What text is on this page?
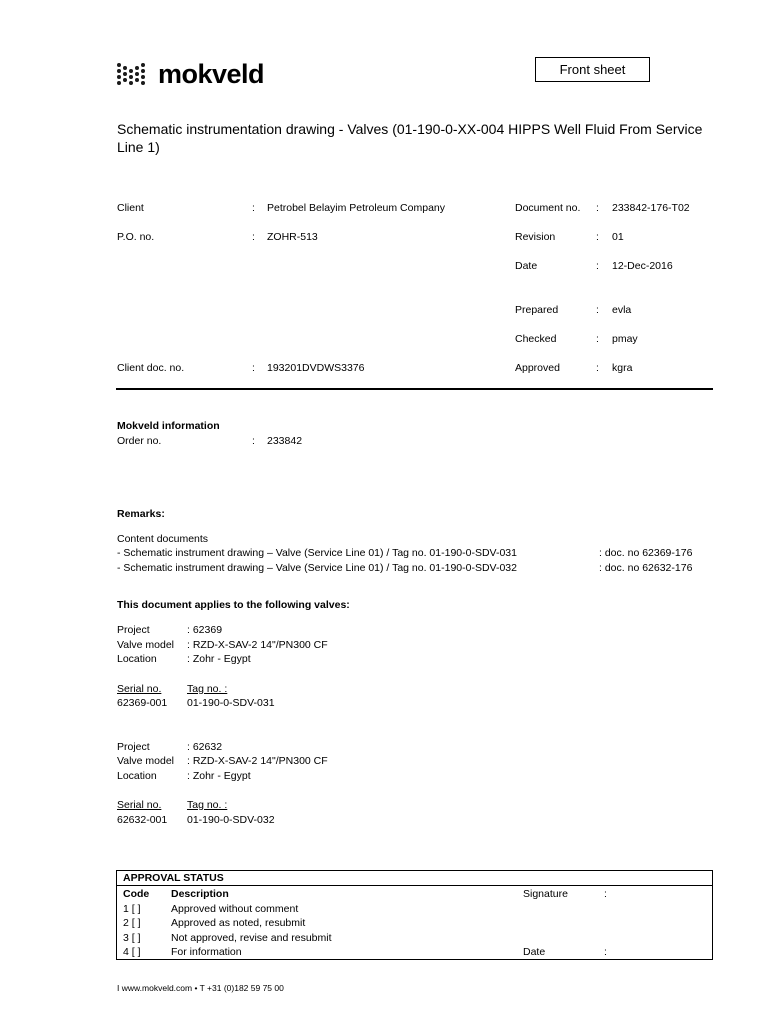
mokveld	Front sheet
Schematic instrumentation drawing - Valves (01-190-0-XX-004 HIPPS Well Fluid From Service Line 1)
Client	: Petrobel Belayim Petroleum Company
P.O. no.	: ZOHR-513
Client doc. no.	: 193201DVDWS3376
Document no. : 233842-176-T02
Revision	: 01
Date	: 12-Dec-2016
Prepared	: evla
Checked	: pmay
Approved	: kgra
Mokveld information
Order no.	: 233842
Remarks:
Content documents
- Schematic instrument drawing – Valve (Service Line 01) / Tag no. 01-190-0-SDV-031	: doc. no 62369-176
- Schematic instrument drawing – Valve (Service Line 01) / Tag no. 01-190-0-SDV-032	: doc. no 62632-176
This document applies to the following valves:
Project	: 62369
Valve model : RZD-X-SAV-2 14"/PN300 CF
Location	: Zohr - Egypt
Serial no. Tag no. :
62369-001 01-190-0-SDV-031
Project	: 62632
Valve model : RZD-X-SAV-2 14"/PN300 CF
Location	: Zohr - Egypt
Serial no. Tag no. :
62632-001 01-190-0-SDV-032
APPROVAL STATUS
Code Description	Signature	:
1 [ ]	Approved without comment
2 [ ]	Approved as noted, resubmit
3 [ ]	Not approved, revise and resubmit
4 [ ]	For information	Date	:
I www.mokveld.com • T +31 (0)182 59 75 00
